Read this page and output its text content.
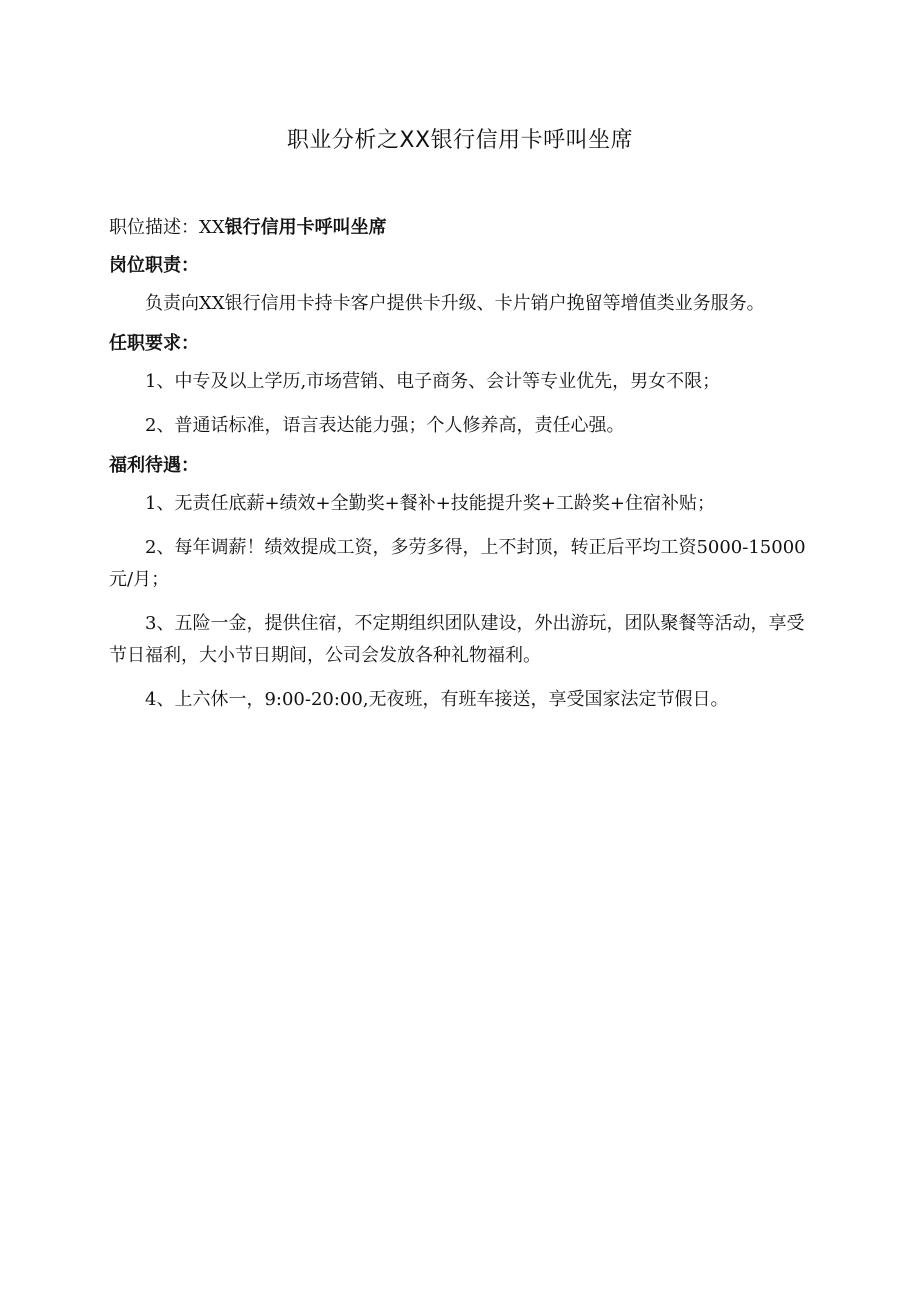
职业分析之XX银行信用卡呼叫坐席

职位描述：XX银行信用卡呼叫坐席

岗位职责：

负责向XX银行信用卡持卡客户提供卡升级、卡片销户挽留等增值类业务服务。

任职要求：

1、中专及以上学历,市场营销、电子商务、会计等专业优先，男女不限；

2、普通话标准，语言表达能力强；个人修养高，责任心强。

福利待遇：

1、无责任底薪+绩效+全勤奖+餐补+技能提升奖+工龄奖+住宿补贴；

2、每年调薪！绩效提成工资，多劳多得，上不封顶，转正后平均工资5000-15000元/月；

3、五险一金，提供住宿，不定期组织团队建设，外出游玩，团队聚餐等活动，享受节日福利，大小节日期间，公司会发放各种礼物福利。

4、上六休一，9:00-20:00,无夜班，有班车接送，享受国家法定节假日。
